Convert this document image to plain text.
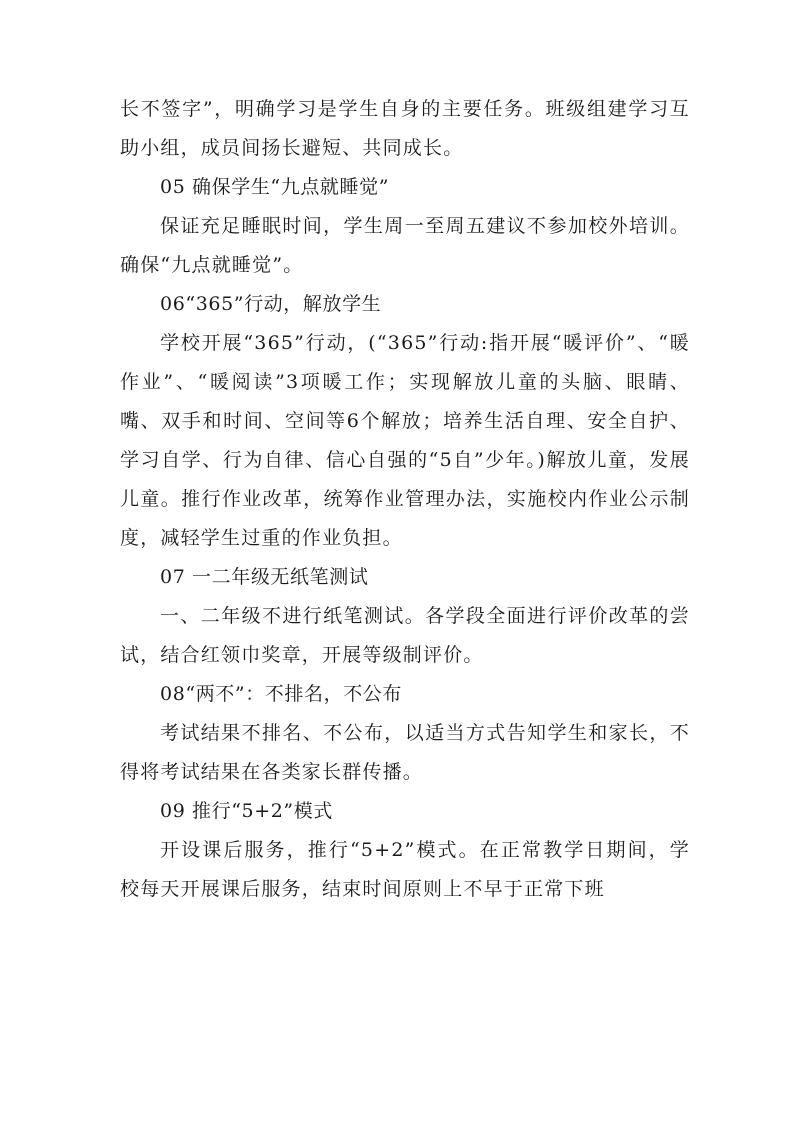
长不签字”，明确学习是学生自身的主要任务。班级组建学习互助小组，成员间扬长避短、共同成长。

05 确保学生“九点就睡觉”

保证充足睡眠时间，学生周一至周五建议不参加校外培训。确保“九点就睡觉”。

06“365”行动，解放学生

学校开展“365”行动，(“365”行动:指开展“暖评价”、“暖作业”、“暖阅读”3项暖工作；实现解放儿童的头脑、眼睛、嘴、双手和时间、空间等6个解放；培养生活自理、安全自护、学习自学、行为自律、信心自强的“5自”少年。)解放儿童，发展儿童。推行作业改革，统筹作业管理办法，实施校内作业公示制度，减轻学生过重的作业负担。

07 一二年级无纸笔测试

一、二年级不进行纸笔测试。各学段全面进行评价改革的尝试，结合红领巾奖章，开展等级制评价。

08“两不”：不排名，不公布

考试结果不排名、不公布，以适当方式告知学生和家长，不得将考试结果在各类家长群传播。

09 推行“5+2”模式

开设课后服务，推行“5+2”模式。在正常教学日期间，学校每天开展课后服务，结束时间原则上不早于正常下班
